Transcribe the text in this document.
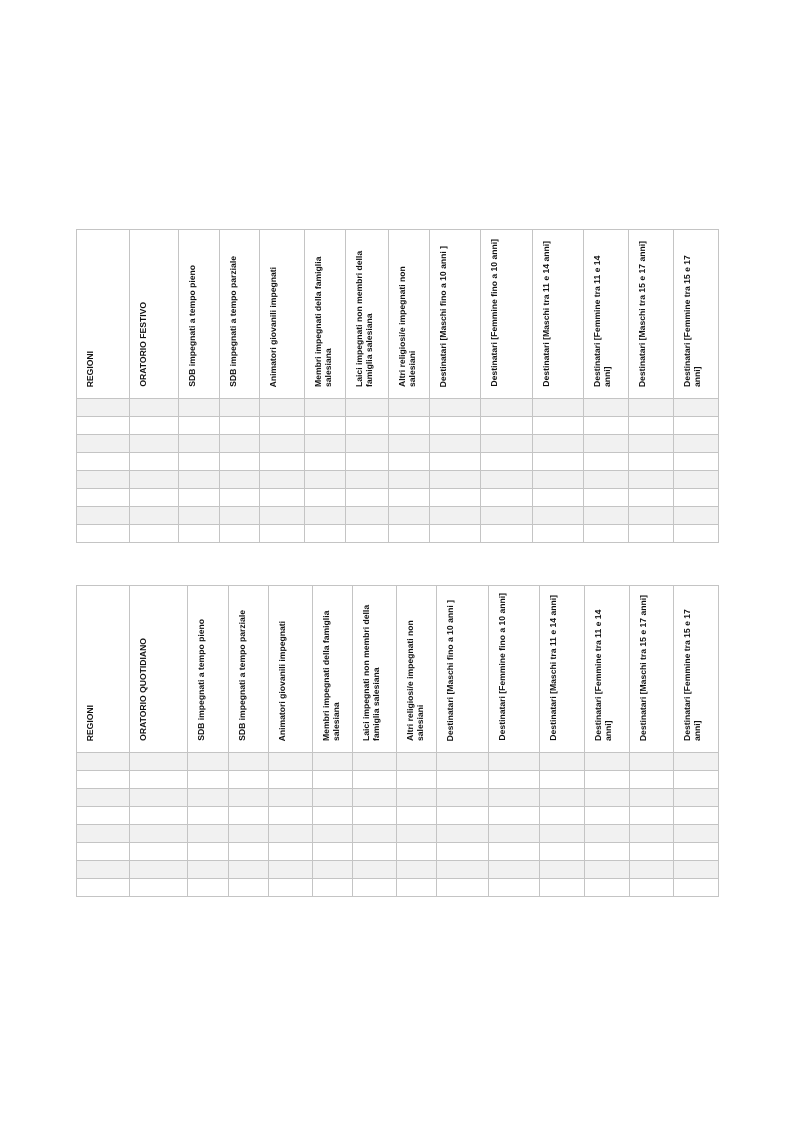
REGIONI	ORATORIO FESTIVO	SDB impegnati a tempo pieno	SDB impegnati a tempo parziale	Animatori giovanili impegnati	Membri impegnati della famiglia salesiana	Laici impegnati non membri della famiglia salesiana	Altri religiosi/e impegnati non salesiani	Destinatari [Maschi fino a 10 anni ]	Destinatari [Femmine fino a 10 anni]	Destinatari [Maschi tra 11 e 14 anni]	Destinatari [Femmine tra 11 e 14 anni]	Destinatari [Maschi tra 15 e 17 anni]	Destinatari [Femmine tra 15 e 17 anni]

REGIONI	ORATORIO QUOTIDIANO	SDB impegnati a tempo pieno	SDB impegnati a tempo parziale	Animatori giovanili impegnati	Membri impegnati della famiglia salesiana	Laici impegnati non membri della famiglia salesiana	Altri religiosi/e impegnati non salesiani	Destinatari [Maschi fino a 10 anni ]	Destinatari [Femmine fino a 10 anni]	Destinatari [Maschi tra 11 e 14 anni]	Destinatari [Femmine tra 11 e 14 anni]	Destinatari [Maschi tra 15 e 17 anni]	Destinatari [Femmine tra 15 e 17 anni]
